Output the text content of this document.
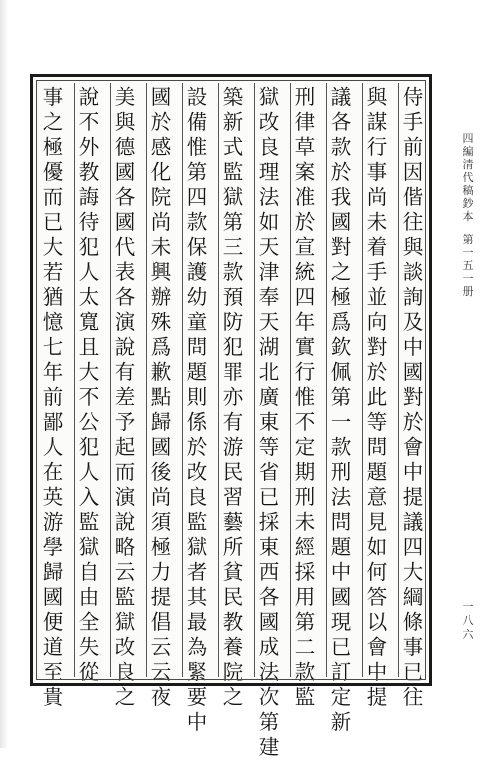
侍
手
前
因
偕
往
與
談
詢
及
中
國
對
於
會
中
提
議
四
大
綱
條
事
已
往
與
謀
行
事
尚
未
着
手
並
向
對
於
此
等
問
題
意
見
如
何
答
以
會
中
提
議
各
款
於
我
國
對
之
極
爲
欽
佩
第
一
款
刑
法
問
題
中
國
現
已
訂
定
新
刑
律
草
案
准
於
宣
統
四
年
實
行
惟
不
定
期
刑
未
經
採
用
第
二
款
監
獄
改
良
理
法
如
天
津
奉
天
湖
北
廣
東
等
省
已
採
東
西
各
國
成
法
次
第
建
築
新
式
監
獄
第
三
款
預
防
犯
罪
亦
有
游
民
習
藝
所
貧
民
教
養
院
之
設
備
惟
第
四
款
保
護
幼
童
問
題
則
係
於
改
良
監
獄
者
其
最
為
緊
要
中
國
於
感
化
院
尚
未
興
辦
殊
爲
歉
點
歸
國
後
尚
須
極
力
提
倡
云
云
夜
美
與
德
國
各
國
代
表
各
演
說
有
差
予
起
而
演
說
略
云
監
獄
改
良
之
說
不
外
教
誨
待
犯
人
太
寬
且
大
不
公
犯
人
入
監
獄
自
由
全
失
從
事
之
極
優
而
已
大
若
猶
憶
七
年
前
鄙
人
在
英
游
學
歸
國
便
道
至
貴
四
編
清
代
稿
鈔
本
第
一
五
一
册
一
八
六
